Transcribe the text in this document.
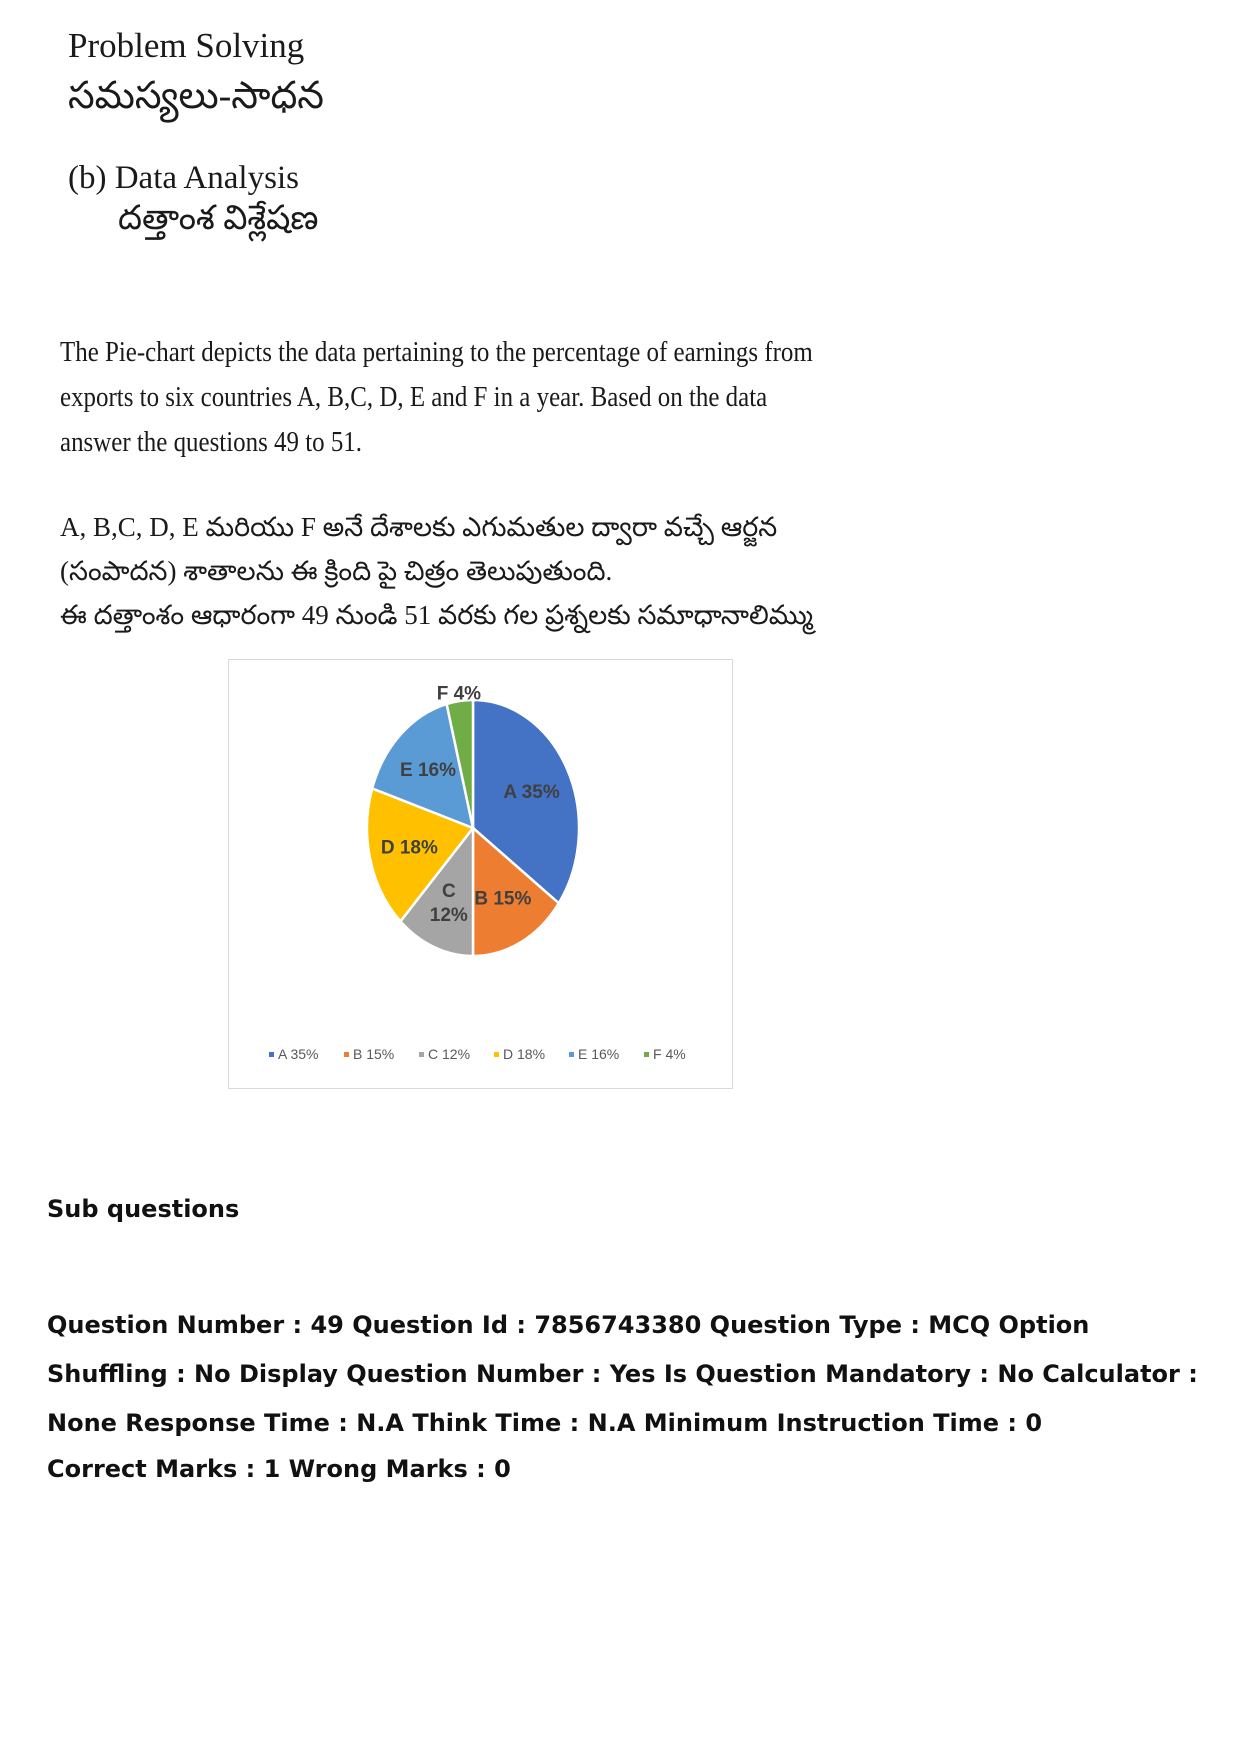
Problem Solving
సమస్యలు-సాధన
(b) Data Analysis
దత్తాంశ విశ్లేషణ

The Pie-chart depicts the data pertaining to the percentage of earnings from exports to six countries A, B,C, D, E and F in a year. Based on the data answer the questions 49 to 51.

A, B,C, D, E మరియు F అనే దేశాలకు ఎగుమతుల ద్వారా వచ్చే ఆర్జన
(సంపాదన) శాతాలను ఈ క్రింది పై చిత్రం తెలుపుతుంది.
ఈ దత్తాంశం ఆధారంగా 49 నుండి 51 వరకు గల ప్రశ్నలకు సమాధానాలిమ్ము
A 35%
B 15%
C 12%
D 18%
E 16%
F 4%
A 35% B 15% C 12% D 18% E 16% F 4%
Sub questions
Question Number : 49 Question Id : 7856743380 Question Type : MCQ Option Shuffling : No Display Question Number : Yes Is Question Mandatory : No Calculator : None Response Time : N.A Think Time : N.A Minimum Instruction Time : 0
Correct Marks : 1 Wrong Marks : 0
